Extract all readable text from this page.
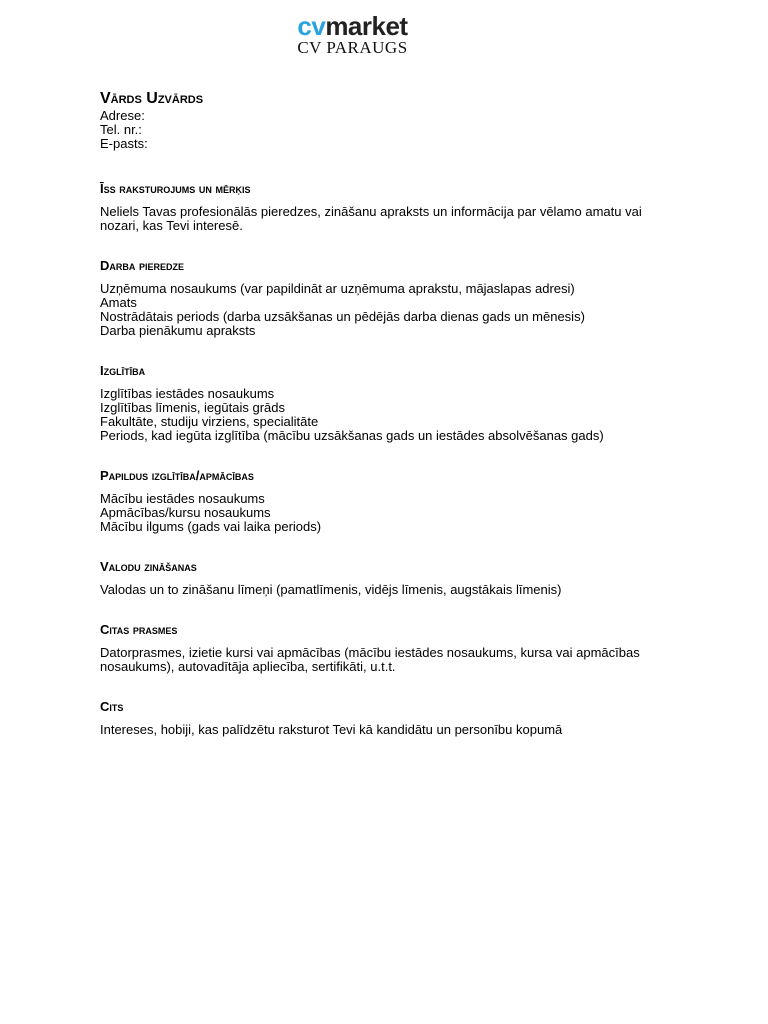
cvmarket
CV PARAUGS
Vārds Uzvārds
Adrese:
Tel. nr.:
E-pasts:
Īss raksturojums un mērķis
Neliels Tavas profesionālās pieredzes, zināšanu apraksts un informācija par vēlamo amatu vai
nozari, kas Tevi interesē.
Darba pieredze
Uzņēmuma nosaukums (var papildināt ar uzņēmuma aprakstu, mājaslapas adresi)
Amats
Nostrādātais periods (darba uzsākšanas un pēdējās darba dienas gads un mēnesis)
Darba pienākumu apraksts
Izglītība
Izglītības iestādes nosaukums
Izglītības līmenis, iegūtais grāds
Fakultāte, studiju virziens, specialitāte
Periods, kad iegūta izglītība (mācību uzsākšanas gads un iestādes absolvēšanas gads)
Papildus izglītība/apmācības
Mācību iestādes nosaukums
Apmācības/kursu nosaukums
Mācību ilgums (gads vai laika periods)
Valodu zināšanas
Valodas un to zināšanu līmeņi (pamatlīmenis, vidējs līmenis, augstākais līmenis)
Citas prasmes
Datorprasmes, izietie kursi vai apmācības (mācību iestādes nosaukums, kursa vai apmācības
nosaukums), autovadītāja apliecība, sertifikāti, u.t.t.
Cits
Intereses, hobiji, kas palīdzētu raksturot Tevi kā kandidātu un personību kopumā
